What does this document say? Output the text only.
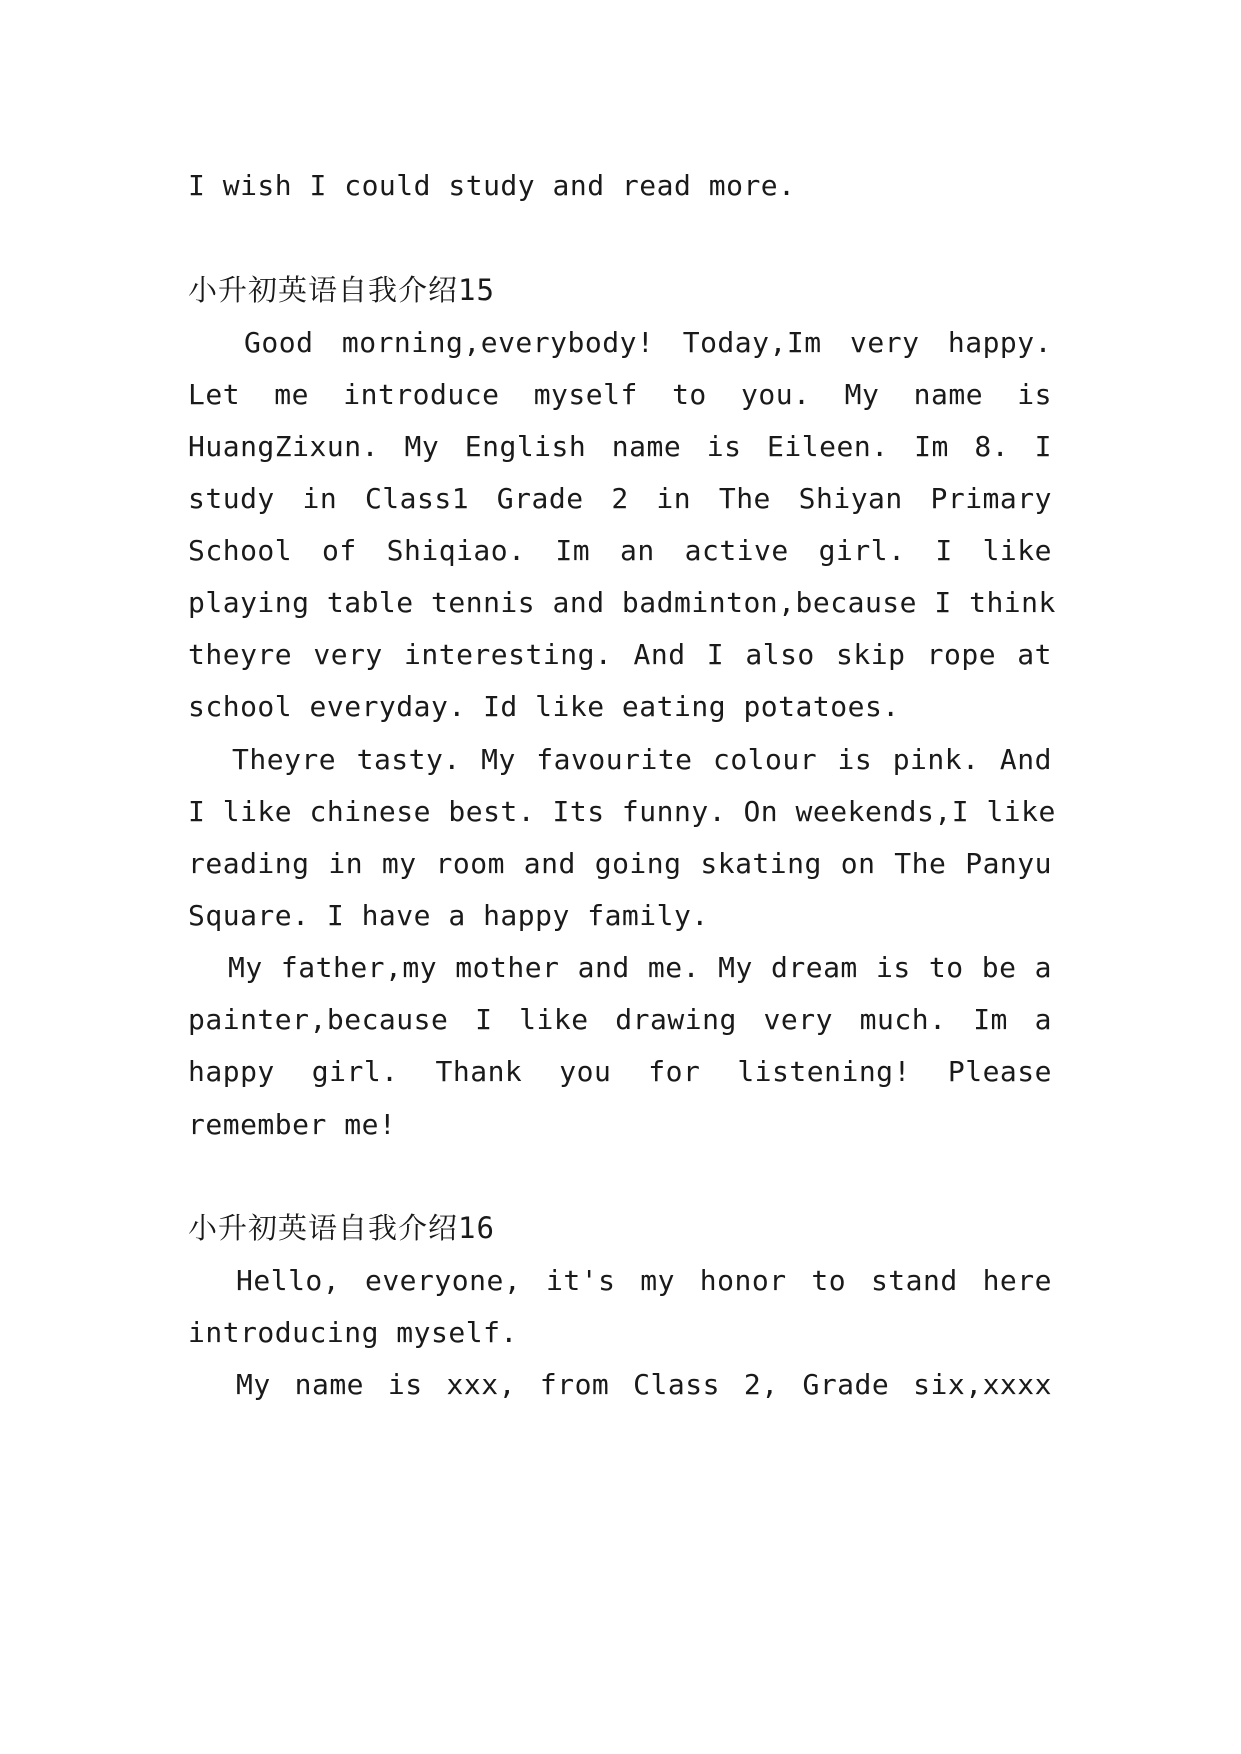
I wish I could study and read more.
小升初英语自我介绍15
Good morning,everybody! Today,Im very happy.
Let me introduce myself to you. My name is
HuangZixun. My English name is Eileen. Im 8. I
study in Class1 Grade 2 in The Shiyan Primary
School of Shiqiao. Im an active girl. I like
playing table tennis and badminton,because I think
theyre very interesting. And I also skip rope at
school everyday. Id like eating potatoes.
Theyre tasty. My favourite colour is pink. And
I like chinese best. Its funny. On weekends,I like
reading in my room and going skating on The Panyu
Square. I have a happy family.
My father,my mother and me. My dream is to be a
painter,because I like drawing very much. Im a
happy girl. Thank you for listening! Please
remember me!
小升初英语自我介绍16
Hello, everyone, it's my honor to stand here
introducing myself.
My name is xxx, from Class 2, Grade six,xxxx
